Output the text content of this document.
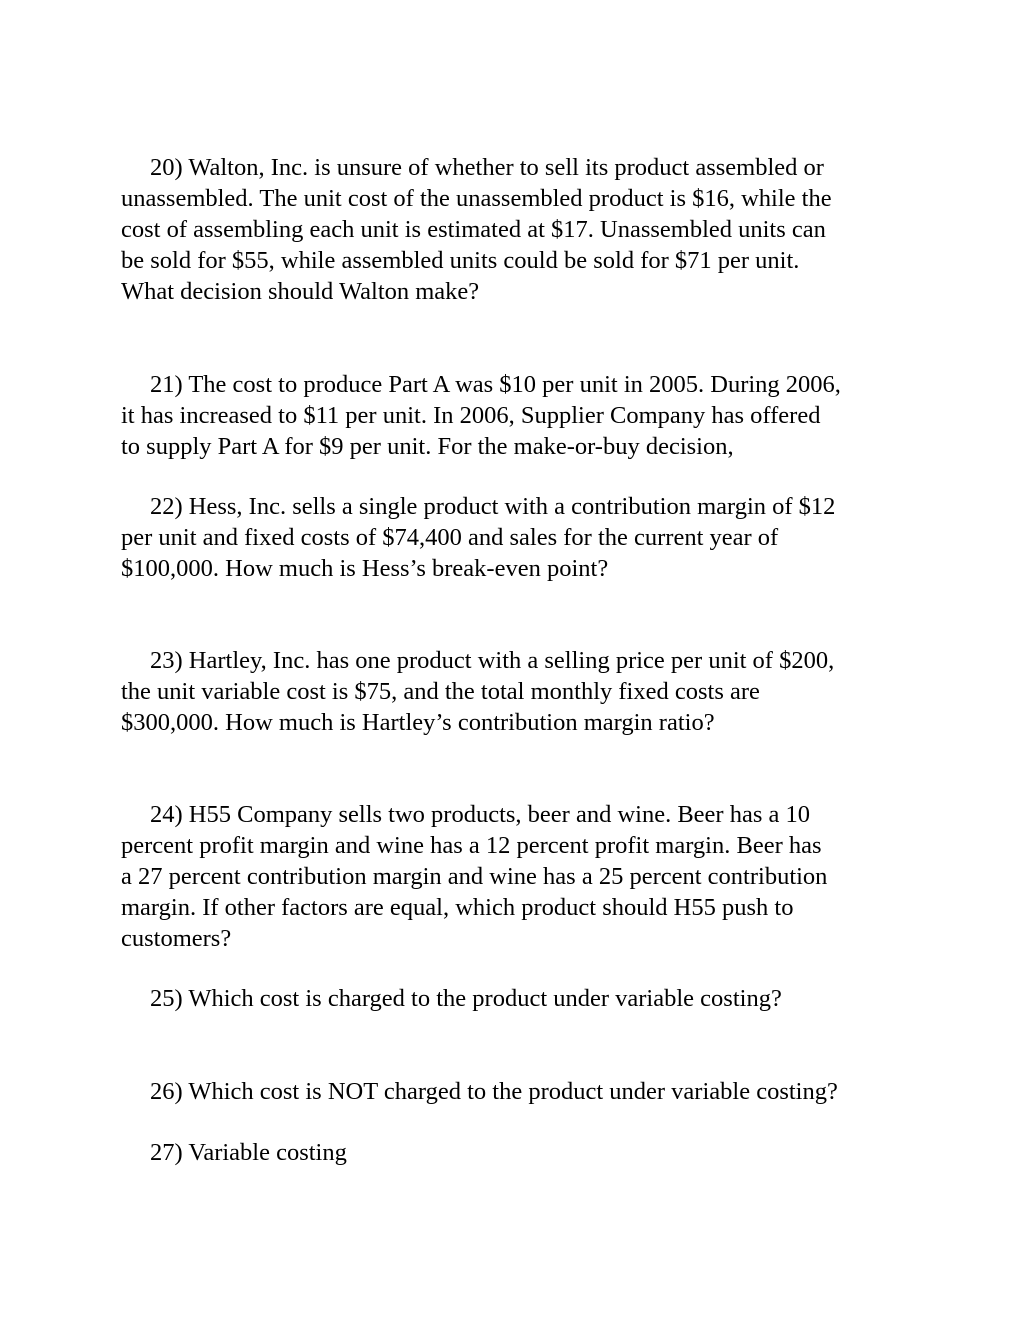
20) Walton, Inc. is unsure of whether to sell its product assembled or
unassembled. The unit cost of the unassembled product is $16, while the
cost of assembling each unit is estimated at $17. Unassembled units can
be sold for $55, while assembled units could be sold for $71 per unit.
What decision should Walton make?

21) The cost to produce Part A was $10 per unit in 2005. During 2006,
it has increased to $11 per unit. In 2006, Supplier Company has offered
to supply Part A for $9 per unit. For the make-or-buy decision,

22) Hess, Inc. sells a single product with a contribution margin of $12
per unit and fixed costs of $74,400 and sales for the current year of
$100,000. How much is Hess’s break-even point?

23) Hartley, Inc. has one product with a selling price per unit of $200,
the unit variable cost is $75, and the total monthly fixed costs are
$300,000. How much is Hartley’s contribution margin ratio?

24) H55 Company sells two products, beer and wine. Beer has a 10
percent profit margin and wine has a 12 percent profit margin. Beer has
a 27 percent contribution margin and wine has a 25 percent contribution
margin. If other factors are equal, which product should H55 push to
customers?

25) Which cost is charged to the product under variable costing?

26) Which cost is NOT charged to the product under variable costing?

27) Variable costing
